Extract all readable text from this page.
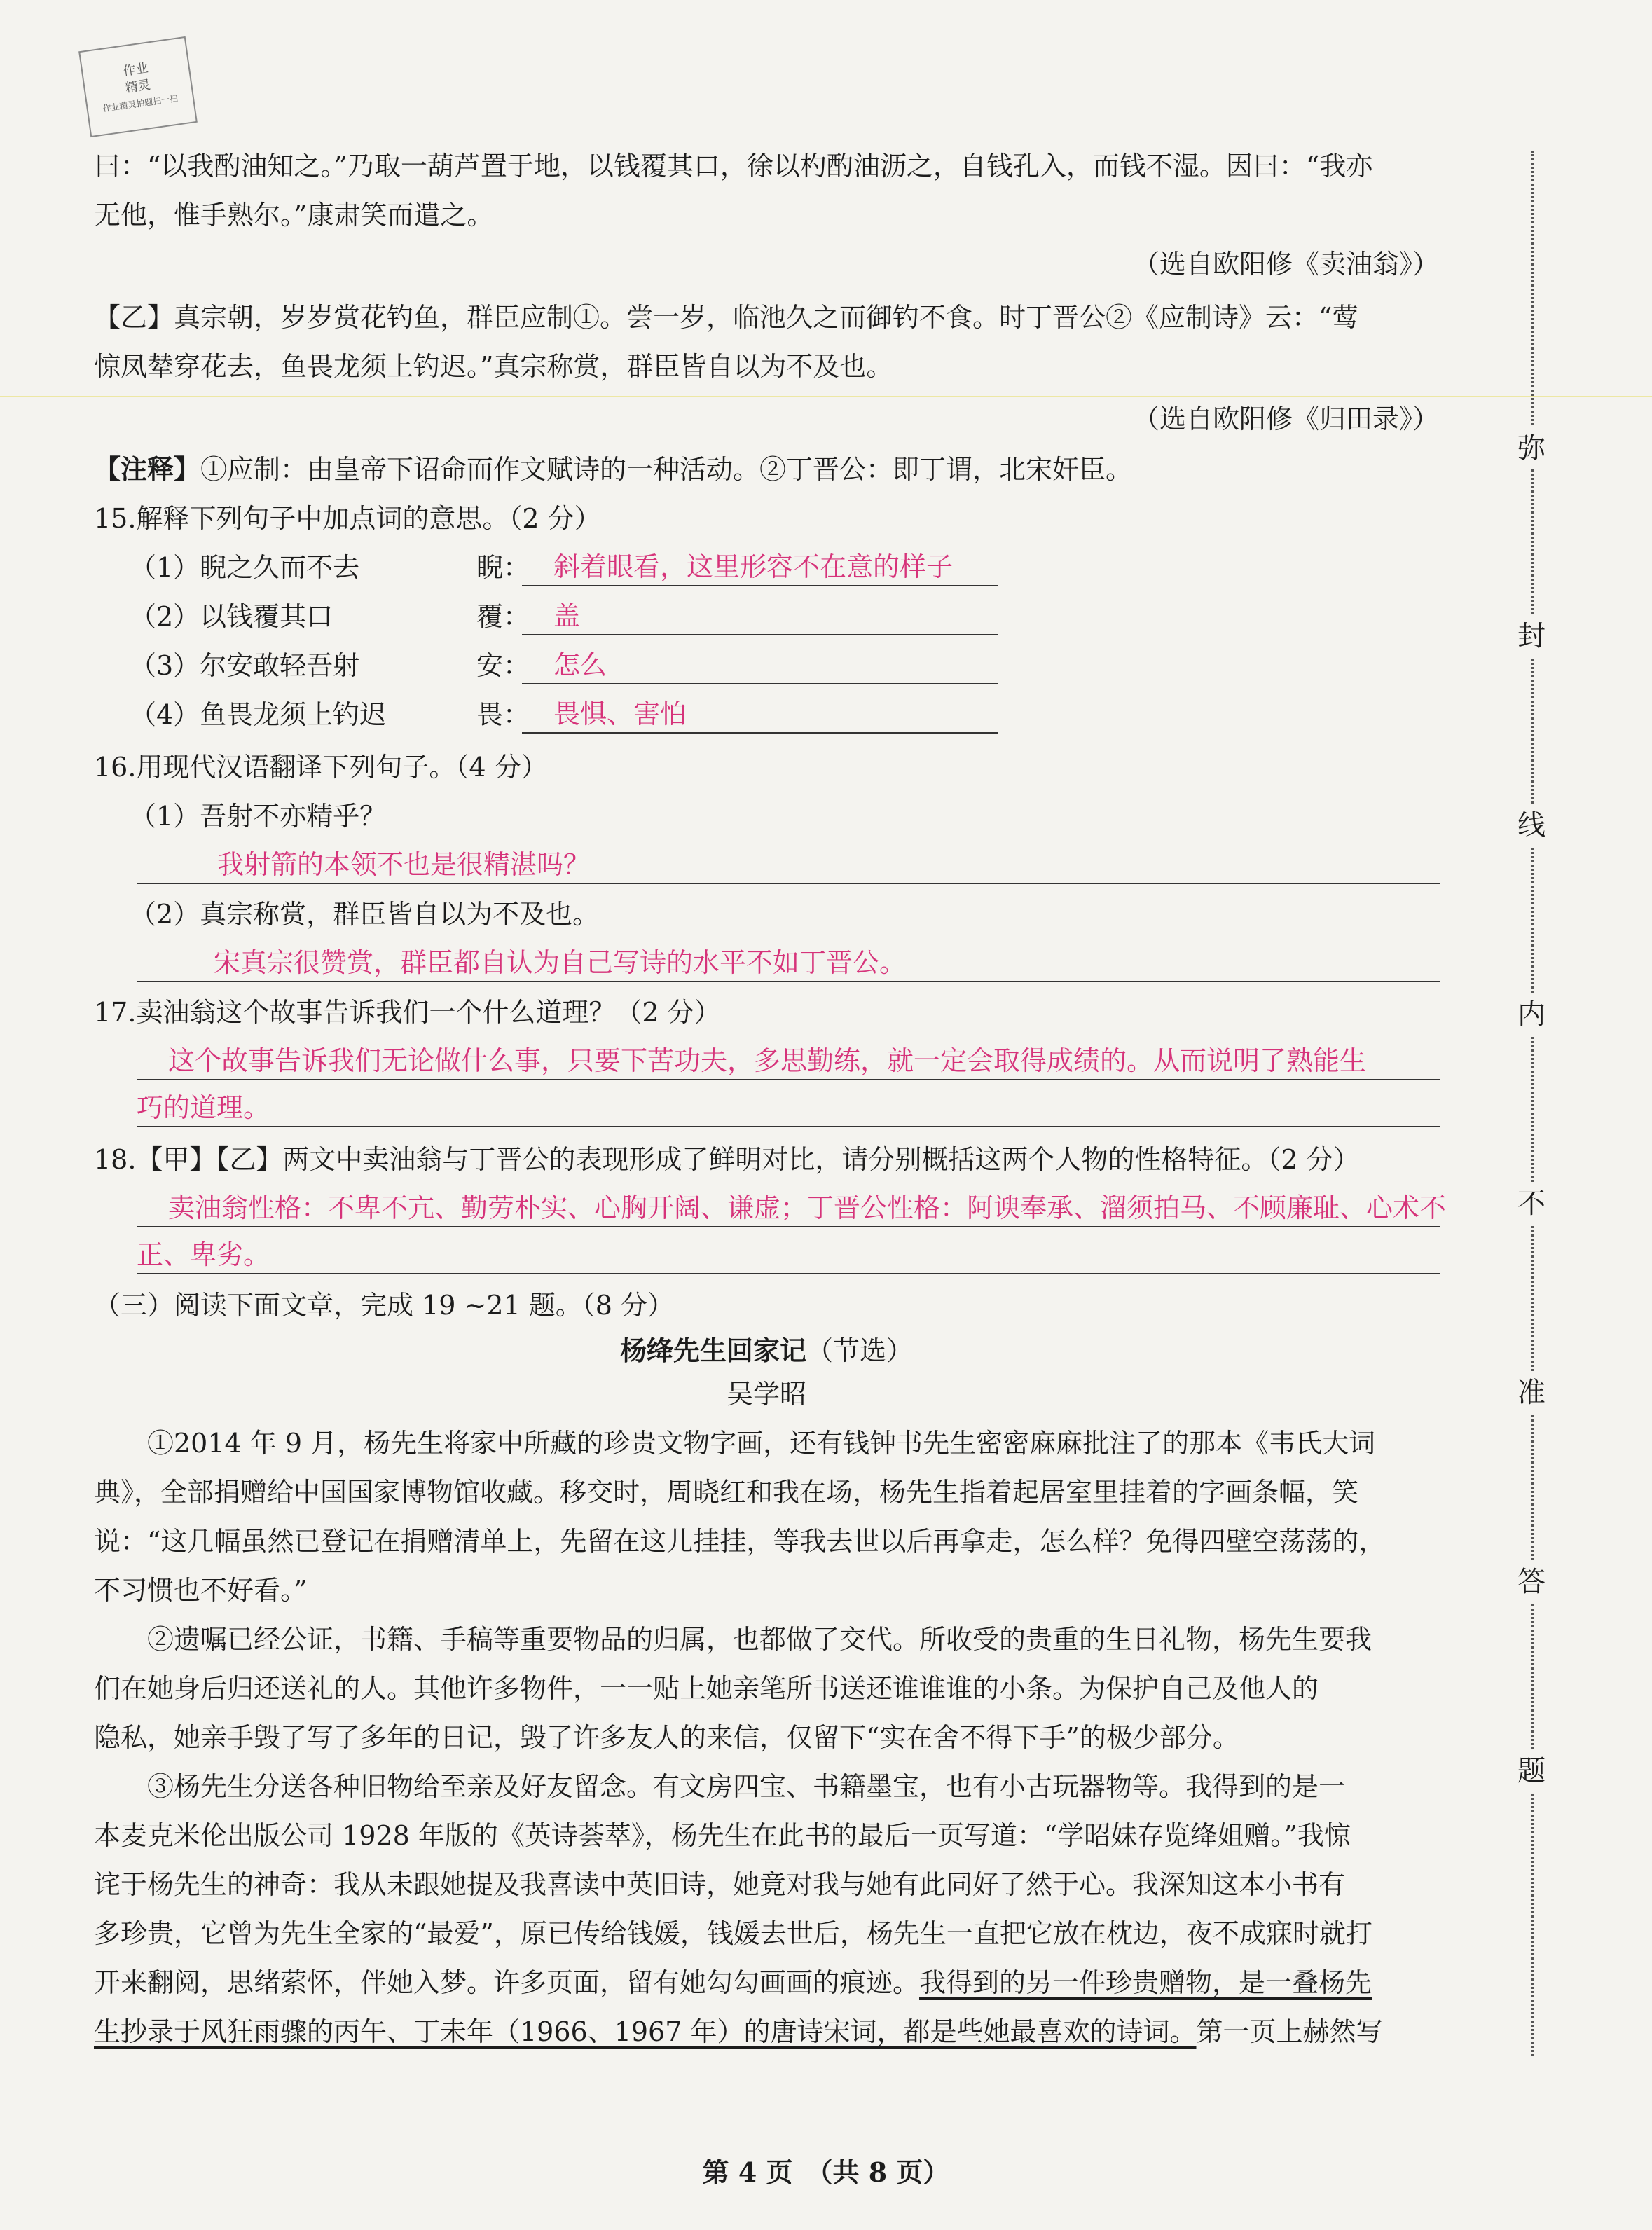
作业
精灵
作业精灵拍题扫一扫
曰：“以我酌油知之。”乃取一葫芦置于地，以钱覆其口，徐以杓酌油沥之，自钱孔入，而钱不湿。因曰：“我亦
无他，惟手熟尔。”康肃笑而遣之。
（选自欧阳修《卖油翁》）
【乙】真宗朝，岁岁赏花钓鱼，群臣应制①。尝一岁，临池久之而御钓不食。时丁晋公②《应制诗》云：“莺
惊凤辇穿花去，鱼畏龙须上钓迟。”真宗称赏，群臣皆自以为不及也。
（选自欧阳修《归田录》）
【注释】①应制：由皇帝下诏命而作文赋诗的一种活动。②丁晋公：即丁谓，北宋奸臣。
15.解释下列句子中加点词的意思。（2 分）
（1）睨之久而不去	睨： 斜着眼看，这里形容不在意的样子
（2）以钱覆其口	覆： 盖
（3）尔安敢轻吾射	安： 怎么
（4）鱼畏龙须上钓迟	畏： 畏惧、害怕
16.用现代汉语翻译下列句子。（4 分）
（1）吾射不亦精乎？
我射箭的本领不也是很精湛吗？
（2）真宗称赏，群臣皆自以为不及也。
宋真宗很赞赏，群臣都自认为自己写诗的水平不如丁晋公。
17.卖油翁这个故事告诉我们一个什么道理？（2 分）
这个故事告诉我们无论做什么事，只要下苦功夫，多思勤练，就一定会取得成绩的。从而说明了熟能生
巧的道理。
18.【甲】【乙】两文中卖油翁与丁晋公的表现形成了鲜明对比，请分别概括这两个人物的性格特征。（2 分）
卖油翁性格：不卑不亢、勤劳朴实、心胸开阔、谦虚；丁晋公性格：阿谀奉承、溜须拍马、不顾廉耻、心术不
正、卑劣。
（三）阅读下面文章，完成 19 ~21 题。（8 分）
杨绛先生回家记（节选）
吴学昭
①2014 年 9 月，杨先生将家中所藏的珍贵文物字画，还有钱钟书先生密密麻麻批注了的那本《韦氏大词
典》，全部捐赠给中国国家博物馆收藏。移交时，周晓红和我在场，杨先生指着起居室里挂着的字画条幅，笑
说：“这几幅虽然已登记在捐赠清单上，先留在这儿挂挂，等我去世以后再拿走，怎么样？免得四壁空荡荡的，
不习惯也不好看。”
②遗嘱已经公证，书籍、手稿等重要物品的归属，也都做了交代。所收受的贵重的生日礼物，杨先生要我
们在她身后归还送礼的人。其他许多物件，一一贴上她亲笔所书送还谁谁谁的小条。为保护自己及他人的
隐私，她亲手毁了写了多年的日记，毁了许多友人的来信，仅留下“实在舍不得下手”的极少部分。
③杨先生分送各种旧物给至亲及好友留念。有文房四宝、书籍墨宝，也有小古玩器物等。我得到的是一
本麦克米伦出版公司 1928 年版的《英诗荟萃》，杨先生在此书的最后一页写道：“学昭妹存览绛姐赠。”我惊
诧于杨先生的神奇：我从未跟她提及我喜读中英旧诗，她竟对我与她有此同好了然于心。我深知这本小书有
多珍贵，它曾为先生全家的“最爱”，原已传给钱媛，钱媛去世后，杨先生一直把它放在枕边，夜不成寐时就打
开来翻阅，思绪萦怀，伴她入梦。许多页面，留有她勾勾画画的痕迹。我得到的另一件珍贵赠物，是一叠杨先
生抄录于风狂雨骤的丙午、丁未年（1966、1967 年）的唐诗宋词，都是些她最喜欢的诗词。第一页上赫然写
弥
封
线
内
不
准
答
题
第 4 页　（共 8 页）
